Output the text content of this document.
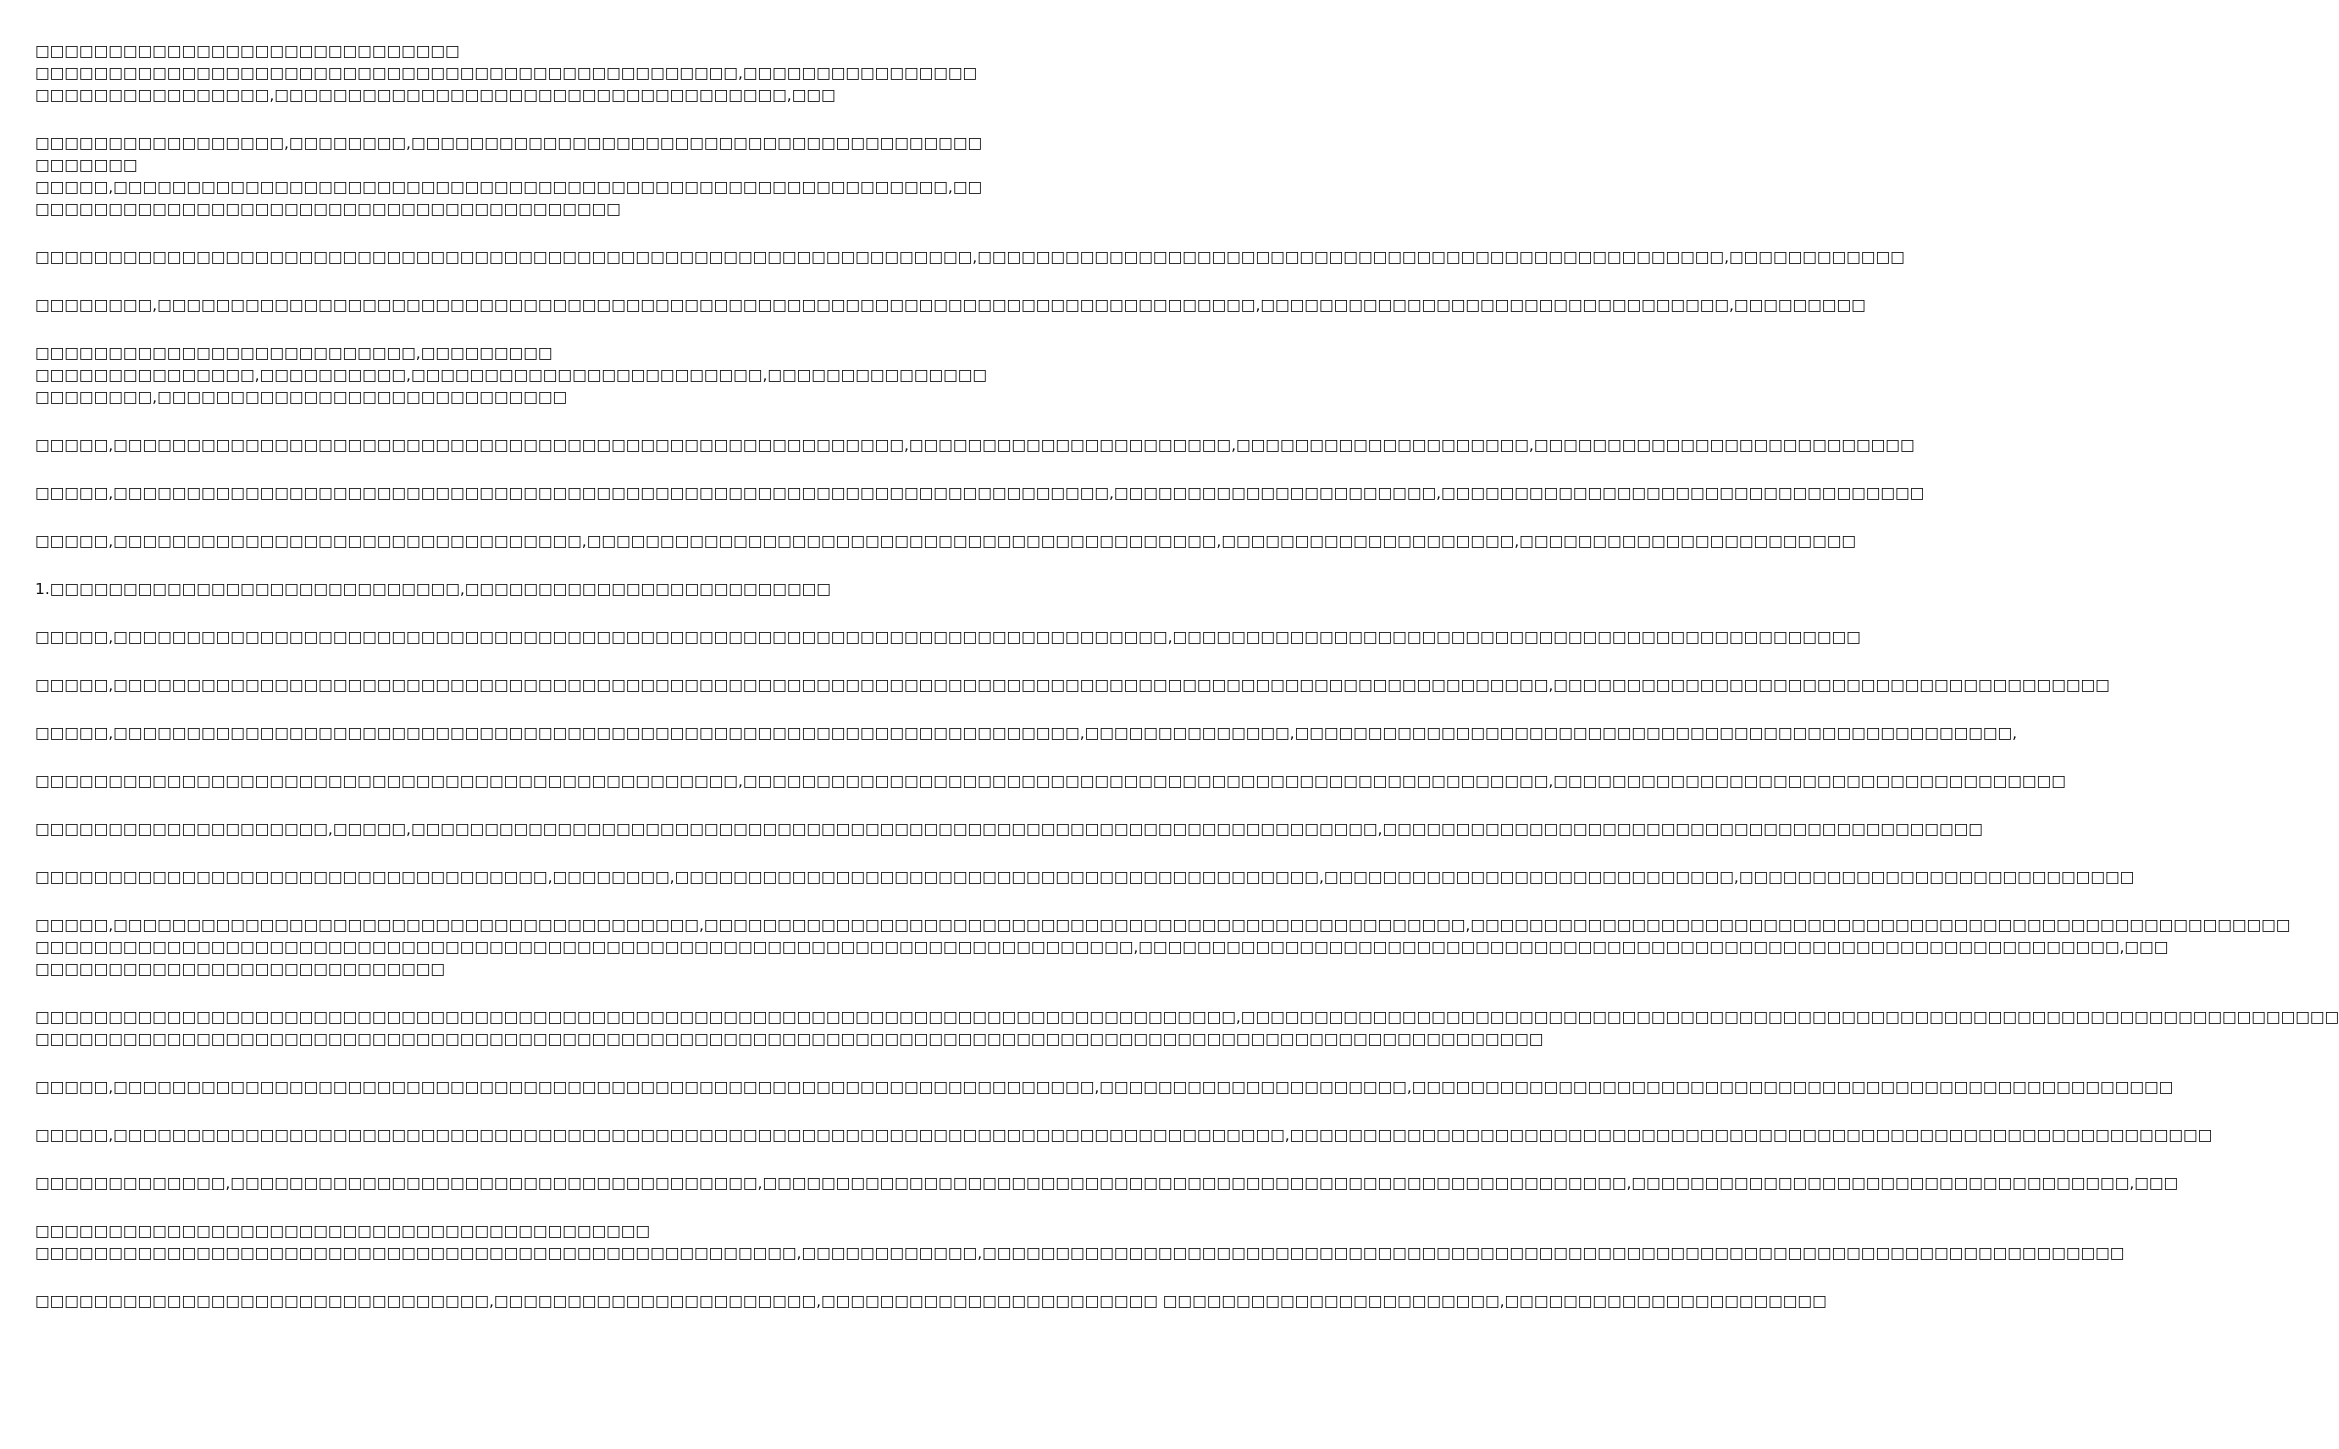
□□□□□□□□□□□□□□□□□□□□□□□□□□□□□
□□□□□□□□□□□□□□□□□□□□□□□□□□□□□□□□□□□□□□□□□□□□□□□□,□□□□□□□□□□□□□□□□□□□□□□□□□□□□□□□□,□□□□□□□□□□□□□□□□□□□□□□□□□□□□□□□□□□□,□□□

□□□□□□□□□□□□□□□□□,□□□□□□□□,□□□□□□□□□□□□□□□□□□□□□□□□□□□□□□□□□□□□□□□□□□□□□□
□□□□□,□□□□□□□□□□□□□□□□□□□□□□□□□□□□□□□□□□□□□□□□□□□□□□□□□□□□□□□□□,□□□□□□□□□□□□□□□□□□□□□□□□□□□□□□□□□□□□□□□□□□

□□□□□□□□□□□□□□□□□□□□□□□□□□□□□□□□□□□□□□□□□□□□□□□□□□□□□□□□□□□□□□□□,□□□□□□□□□□□□□□□□□□□□□□□□□□□□□□□□□□□□□□□□□□□□□□□□□□□,□□□□□□□□□□□□

□□□□□□□□,□□□□□□□□□□□□□□□□□□□□□□□□□□□□□□□□□□□□□□□□□□□□□□□□□□□□□□□□□□□□□□□□□□□□□□□□□□□,□□□□□□□□□□□□□□□□□□□□□□□□□□□□□□□□,□□□□□□□□□

□□□□□□□□□□□□□□□□□□□□□□□□□□,□□□□□□□□□
□□□□□□□□□□□□□□□,□□□□□□□□□□,□□□□□□□□□□□□□□□□□□□□□□□□,□□□□□□□□□□□□□□□□□□□□□□□,□□□□□□□□□□□□□□□□□□□□□□□□□□□□

□□□□□,□□□□□□□□□□□□□□□□□□□□□□□□□□□□□□□□□□□□□□□□□□□□□□□□□□□□□□,□□□□□□□□□□□□□□□□□□□□□□,□□□□□□□□□□□□□□□□□□□□,□□□□□□□□□□□□□□□□□□□□□□□□□□

□□□□□,□□□□□□□□□□□□□□□□□□□□□□□□□□□□□□□□□□□□□□□□□□□□□□□□□□□□□□□□□□□□□□□□□□□□,□□□□□□□□□□□□□□□□□□□□□□,□□□□□□□□□□□□□□□□□□□□□□□□□□□□□□□□□

□□□□□,□□□□□□□□□□□□□□□□□□□□□□□□□□□□□□□□,□□□□□□□□□□□□□□□□□□□□□□□□□□□□□□□□□□□□□□□□□□□,□□□□□□□□□□□□□□□□□□□□,□□□□□□□□□□□□□□□□□□□□□□□

1.□□□□□□□□□□□□□□□□□□□□□□□□□□□□,□□□□□□□□□□□□□□□□□□□□□□□□□

□□□□□,□□□□□□□□□□□□□□□□□□□□□□□□□□□□□□□□□□□□□□□□□□□□□□□□□□□□□□□□□□□□□□□□□□□□□□□□,□□□□□□□□□□□□□□□□□□□□□□□□□□□□□□□□□□□□□□□□□□□□□□□

□□□□□,□□□□□□□□□□□□□□□□□□□□□□□□□□□□□□□□□□□□□□□□□□□□□□□□□□□□□□□□□□□□□□□□□□□□□□□□□□□□□□□□□□□□□□□□□□□□□□□□□□,□□□□□□□□□□□□□□□□□□□□□□□□□□□□□□□□□□□□□□

□□□□□,□□□□□□□□□□□□□□□□□□□□□□□□□□□□□□□□□□□□□□□□□□□□□□□□□□□□□□□□□□□□□□□□□□,□□□□□□□□□□□□□□,□□□□□□□□□□□□□□□□□□□□□□□□□□□□□□□□□□□□□□□□□□□□□□□□□,

□□□□□□□□□□□□□□□□□□□□□□□□□□□□□□□□□□□□□□□□□□□□□□□□,□□□□□□□□□□□□□□□□□□□□□□□□□□□□□□□□□□□□□□□□□□□□□□□□□□□□□□□,□□□□□□□□□□□□□□□□□□□□□□□□□□□□□□□□□□□

□□□□□□□□□□□□□□□□□□□□,□□□□□,□□□□□□□□□□□□□□□□□□□□□□□□□□□□□□□□□□□□□□□□□□□□□□□□□□□□□□□□□□□□□□□□□□,□□□□□□□□□□□□□□□□□□□□□□□□□□□□□□□□□□□□□□□□□

□□□□□□□□□□□□□□□□□□□□□□□□□□□□□□□□□□□,□□□□□□□□,□□□□□□□□□□□□□□□□□□□□□□□□□□□□□□□□□□□□□□□□□□□□,□□□□□□□□□□□□□□□□□□□□□□□□□□□□,□□□□□□□□□□□□□□□□□□□□□□□□□□□

□□□□□,□□□□□□□□□□□□□□□□□□□□□□□□□□□□□□□□□□□□□□□□,□□□□□□□□□□□□□□□□□□□□□□□□□□□□□□□□□□□□□□□□□□□□□□□□□□□□,□□□□□□□□□□□□□□□□□□□□□□□□□□□□□□□□□□□□□□□□□□□□□□□□□□□□□□□□
□□□□□□□□□□□□□□□□□□□□□□□□□□□□□□□□□□□□□□□□□□□□□□□□□□□□□□□□□□□□□□□□□□□□□□□□□□□,□□□□□□□□□□□□□□□□□□□□□□□□□□□□□□□□□□□□□□□□□□□□□□□□□□□□□□□□□□□□□□□□□□□,□□□
□□□□□□□□□□□□□□□□□□□□□□□□□□□□

□□□□□□□□□□□□□□□□□□□□□□□□□□□□□□□□□□□□□□□□□□□□□□□□□□□□□□□□□□□□□□□□□□□□□□□□□□□□□□□□□□,□□□□□□□□□□□□□□□□□□□□□□□□□□□□□□□□□□□□□□□□□□□□□□□□□□□□□□□□□□□□□□□□□□□□□□□□□□□
□□□□□□□□□□□□□□□□□□□□□□□□□□□□□□□□□□□□□□□□□□□□□□□□□□□□□□□□□□□□□□□□□□□□□□□□□□□□□□□□□□□□□□□□□□□□□□□□□□□□□□□

□□□□□,□□□□□□□□□□□□□□□□□□□□□□□□□□□□□□□□□□□□□□□□□□□□□□□□□□□□□□□□□□□□□□□□□□□,□□□□□□□□□□□□□□□□□□□□□,□□□□□□□□□□□□□□□□□□□□□□□□□□□□□□□□□□□□□□□□□□□□□□□□□□□□

□□□□□,□□□□□□□□□□□□□□□□□□□□□□□□□□□□□□□□□□□□□□□□□□□□□□□□□□□□□□□□□□□□□□□□□□□□□□□□□□□□□□□□,□□□□□□□□□□□□□□□□□□□□□□□□□□□□□□□□□□□□□□□□□□□□□□□□□□□□□□□□□□□□□□□

□□□□□□□□□□□□□,□□□□□□□□□□□□□□□□□□□□□□□□□□□□□□□□□□□□,□□□□□□□□□□□□□□□□□□□□□□□□□□□□□□□□□□□□□□□□□□□□□□□□□□□□□□□□□□□,□□□□□□□□□□□□□□□□□□□□□□□□□□□□□□□□□□,□□□

□□□□□□□□□□□□□□□□□□□□□□□□□□□□□□□□□□□□□□□□□□
□□□□□□□□□□□□□□□□□□□□□□□□□□□□□□□□□□□□□□□□□□□□□□□□□□□□,□□□□□□□□□□□□,□□□□□□□□□□□□□□□□□□□□□□□□□□□□□□□□□□□□□□□□□□□□□□□□□□□□□□□□□□□□□□□□□□□□□□□□□□□□□□

□□□□□□□□□□□□□□□□□□□□□□□□□□□□□□□,□□□□□□□□□□□□□□□□□□□□□□,□□□□□□□□□□□□□□□□□□□□□□□ □□□□□□□□□□□□□□□□□□□□□□□,□□□□□□□□□□□□□□□□□□□□□□
